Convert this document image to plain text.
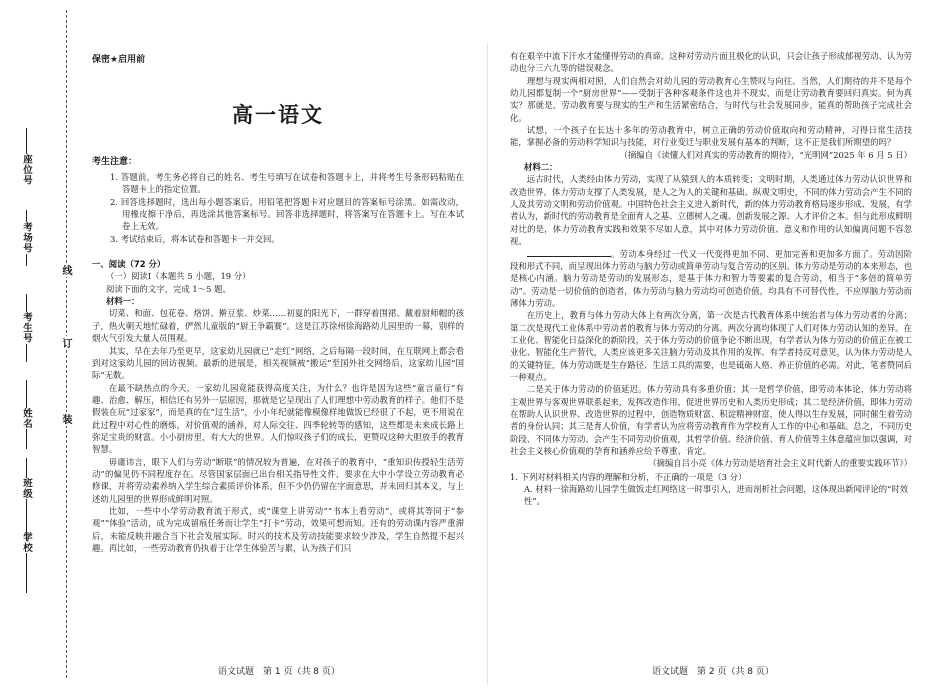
座位号
考场号
考生号
姓名
班级
学校
线
订
装
保密★启用前
高一语文
考生注意：
1. 答题前，考生务必将自己的姓名、考生号填写在试卷和答题卡上，并将考生号条形码粘贴在答题卡上的指定位置。
2. 回答选择题时，选出每小题答案后，用铅笔把答题卡对应题目的答案标号涂黑。如需改动，用橡皮擦干净后，再选涂其他答案标号。回答非选择题时，将答案写在答题卡上。写在本试卷上无效。
3. 考试结束后，将本试卷和答题卡一并交回。
一、阅读（72 分）
（一）阅读Ⅰ（本题共 5 小题，19 分）
阅读下面的文字，完成 1～5 题。
材料一：

切菜、和面、包花卷、烙饼、擀豆浆、炒菜……初夏的阳光下，一群穿着围裙、戴着厨师帽的孩子，热火朝天地忙碌着，俨然儿童版的“厨王争霸赛”。这是江苏徐州徐海路幼儿园里的一幕，别样的烟火气引发大量人员围观。

其实，早在去年乃至更早，这家幼儿园就已“走红”网络，之后每隔一段时间，在互联网上都会看到对这家幼儿园的回访视频。最新的进展是，相关视频被“搬运”至国外社交网络后，这家幼儿园“国际”无数。

在最不缺热点的今天，一家幼儿园竟能获得高度关注，为什么？也许是因为这些“童言童行”有趣、治愈、解压，相信还有另外一层原因，那就是它呈现出了人们理想中劳动教育的样子。他们不是假装在玩“过家家”，而是真的在“过生活”，小小年纪就能像模像样地做饭已经很了不起，更不用说在此过程中对心性的磨炼，对价值观的涵养，对人际交往、四季轮转等的感知，这些都是未来成长路上弥足宝贵的财富。小小厨房里，有大大的世界。人们惊叹孩子们的成长，更赞叹这种大胆放手的教育智慧。

毋庸讳言，眼下人们与劳动“断联”的情况较为普遍，在对孩子的教育中，“重知识传授轻生活劳动”的偏见仍不同程度存在。尽管国家层面已出台相关指导性文件，要求在大中小学设立劳动教育必修课，并将劳动素养纳入学生综合素质评价体系，但不少仍仍留在字面意思，并未回归其本义，与上述幼儿园里的世界形成鲜明对照。

比如，一些中小学劳动教育流于形式，或“课堂上讲劳动”“书本上看劳动”，或将其等同于“参观”“体验”活动，成为完成留痕任务而让学生“打卡”劳动，效果可想而知。还有的劳动课内容严重滞后，未能反映并融合当下社会发展实际。时兴的技术及劳动技能要求较少涉及，学生自然提不起兴趣。再比如，一些劳动教育仍执着于让学生体验苦与累，认为孩子们只

语文试题　第 1 页（共 8 页）

有在艰辛中流下汗水才能懂得劳动的真谛。这种对劳动片面且极化的认识，只会让孩子形成郁视劳动、认为劳动也分三六九等的错误观念。

理想与现实两相对照，人们自然会对幼儿园的劳动教育心生赞叹与向往。当然，人们期待的并不是每个幼儿园都复制一个“厨房世界”——受制于各种客观条件这也并不现实，而是让劳动教育要回归真实。何为真实？那就是，劳动教育要与现实的生产和生活紧密结合，与时代与社会发展同步，能真的帮助孩子完成社会化。

试想，一个孩子在长达十多年的劳动教育中，树立正确的劳动价值取向和劳动精神，习得日常生活技能，掌握必备的劳动科学知识与技能，对行业变迁与职业发展有基本的判断，这不正是我们所期望的吗？

（摘编自《读懂人们对真实的劳动教育的期待》，“光明网”2025 年 6 月 5 日）
材料二：

远古时代，人类经由体力劳动，实现了从猿到人的本质转变；文明时期，人类通过体力劳动认识世界和改造世界。体力劳动支撑了人类发展，是人之为人的关键和基础。纵观文明史，不同的体力劳动会产生不同的人及其劳动文明和劳动价值观。中国特色社会主义进入新时代，新的体力劳动教育格局逐步形成、发展，有学者认为，新时代的劳动教育是全面育人之基、立德树人之魂、创新发展之源、人才评价之本。但与此形成鲜明对比的是，体力劳动教育实践和效果不尽如人意，其中对体力劳动价值、意义和作用的认知偏离问题不容忽视。

。劳动本身经过一代又一代变得更加不同、更加完善和更加多方面了。劳动因阶段和形式不同，而呈现出体力劳动与脑力劳动或简单劳动与复合劳动的区别。体力劳动是劳动的本来形态，也是核心内涵。脑力劳动是劳动的发展形态，是基于体力和智力等要素的复合劳动，相当于“多倍的简单劳动”。劳动是一切价值的创造者，体力劳动与脑力劳动均可创造价值，均具有不可替代性，不应厚脑力劳动而薄体力劳动。

在历史上，教育与体力劳动大体上有两次分离，第一次是古代教育体系中统治者与体力劳动者的分离；第二次是现代工业体系中劳动者的教育与体力劳动的分离。两次分离均体现了人们对体力劳动认知的差异。在工业化、智能化日益深化的新阶段，关于体力劳动的价值争论不断出现，有学者认为体力劳动的价值正在被工业化、智能化生产替代，人类应该更多关注脑力劳动及其作用的发挥。有学者持反对意见，认为体力劳动是人的关键特征，体力劳动既是生存路径、生活工具的需要，也是砥砺人格、养正价值的必需。对此，笔者赞同后一种观点。

二是关于体力劳动的价值延迟。体力劳动具有多重价值；其一是哲学价值，即劳动本体论，体力劳动将主观世界与客观世界联系起来，发挥改造作用，促进世界历史和人类历史形成；其二是经济价值，即体力劳动在帮助人认识世界、改造世界的过程中，创造物质财富、积淀精神财富，使人得以生存发展，同时催生着劳动者的身份认同；其三是育人价值，有学者认为应将劳动教育作为学校育人工作的中心和基础。总之，不同历史阶段、不同体力劳动、会产生不同劳动价值观，其哲学价值、经济价值、育人价值等主体意蕴应加以强调，对社会主义核心价值观的孕育和涵养应给予尊重、肯定。

（摘编自吕小亮《体力劳动是培育社会主义时代新人的重要实践环节》）
1. 下列对材料相关内容的理解和分析，不正确的一项是（3 分）
A. 材料一徐海路幼儿园学生做饭走红网络这一时事引入，进而剖析社会问题，这体现出新闻评论的“时效性”。
语文试题　第 2 页（共 8 页）
